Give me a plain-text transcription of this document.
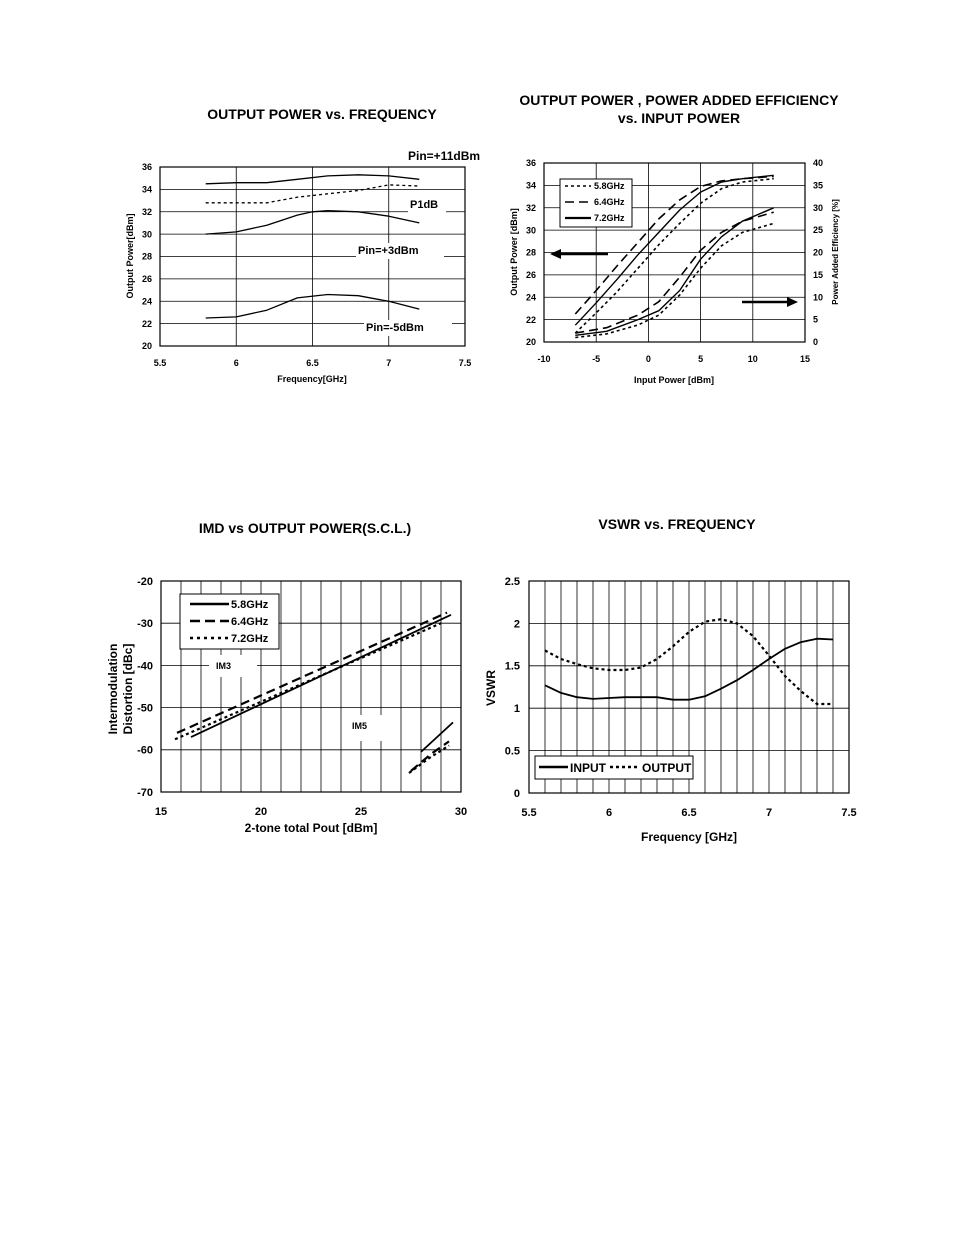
OUTPUT POWER vs. FREQUENCY
5.5	6	6.5	7	7.5
20
22
24
26
28
30
32
34
36
Pin=+11dBm
P1dB
Pin=+3dBm
Pin=-5dBm
Frequency[GHz]
Output Power[dBm]
OUTPUT POWER , POWER ADDED EFFICIENCY
vs. INPUT POWER
-10	-5	0	5	10	15
20
22
24
26
28
30
32
34
36
0
5
10
15
20
25
30
35
40
5.8GHz
6.4GHz
7.2GHz
Input Power [dBm]
Output Power [dBm]	Power Added Efficiency [%]
IMD vs OUTPUT POWER(S.C.L.)
15	20	25	30
-70
-60
-50
-40
-30
-20
5.8GHz
6.4GHz
7.2GHz
IM3
IM5
2-tone total Pout [dBm]
Intermodulation Distortion [dBc]
VSWR vs. FREQUENCY
5.5	6	6.5	7	7.5
0
0.5
1
1.5
2
2.5
INPUT	OUTPUT
Frequency [GHz]
VSWR
